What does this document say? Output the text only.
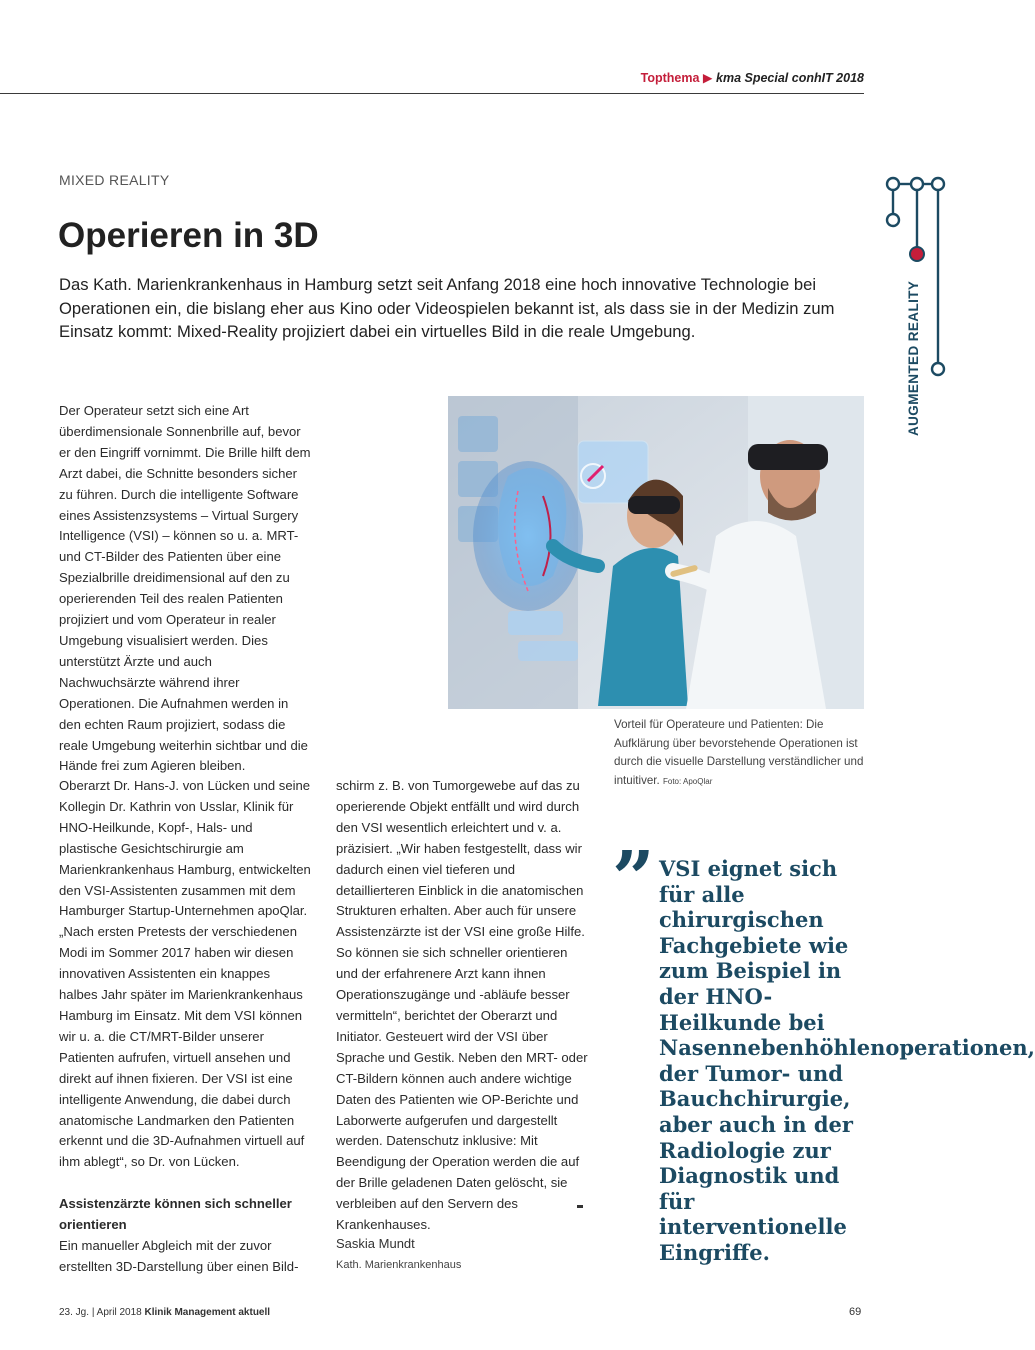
Topthema ▶ kma Special conhIT 2018
AUGMENTED REALITY
MIXED REALITY
Operieren in 3D
Das Kath. Marienkrankenhaus in Hamburg setzt seit Anfang 2018 eine hoch innovative Technologie bei Operationen ein, die bislang eher aus Kino oder Videospielen bekannt ist, als dass sie in der Medizin zum Einsatz kommt: Mixed-Reality projiziert dabei ein virtuelles Bild in die reale Umgebung.
Der Operateur setzt sich eine Art überdimensionale Sonnenbrille auf, bevor er den Eingriff vornimmt. Die Brille hilft dem Arzt dabei, die Schnitte besonders sicher zu führen. Durch die intelligente Software eines Assistenzsystems – Virtual Surgery Intelligence (VSI) – können so u. a. MRT- und CT-Bilder des Patienten über eine Spezialbrille dreidimensional auf den zu operierenden Teil des realen Patienten projiziert und vom Operateur in realer Umgebung visualisiert werden. Dies unterstützt Ärzte und auch Nachwuchsärzte während ihrer Operationen. Die Aufnahmen werden in den echten Raum projiziert, sodass die reale Umgebung weiterhin sichtbar und die Hände frei zum Agieren bleiben.
Oberarzt Dr. Hans-J. von Lücken und seine Kollegin Dr. Kathrin von Usslar, Klinik für HNO-Heilkunde, Kopf-, Hals- und plastische Gesichtschirurgie am Marienkrankenhaus Hamburg, entwickelten den VSI-Assistenten zusammen mit dem Hamburger Startup-Unternehmen apoQlar. „Nach ersten Pretests der verschiedenen Modi im Sommer 2017 haben wir diesen innovativen Assistenten ein knappes halbes Jahr später im Marienkrankenhaus Hamburg im Einsatz. Mit dem VSI können wir u. a. die CT/MRT-Bilder unserer Patienten aufrufen, virtuell ansehen und direkt auf ihnen fixieren. Der VSI ist eine intelligente Anwendung, die dabei durch anatomische Landmarken den Patienten erkennt und die 3D-Aufnahmen virtuell auf ihm ablegt“, so Dr. von Lücken.
Assistenzärzte können sich schneller orientieren
Ein manueller Abgleich mit der zuvor erstellten 3D-Darstellung über einen Bild-
schirm z. B. von Tumorgewebe auf das zu operierende Objekt entfällt und wird durch den VSI wesentlich erleichtert und v. a. präzisiert. „Wir haben festgestellt, dass wir dadurch einen viel tieferen und detaillierteren Einblick in die anatomischen Strukturen erhalten. Aber auch für unsere Assistenzärzte ist der VSI eine große Hilfe. So können sie sich schneller orientieren und der erfahrenere Arzt kann ihnen Operationszugänge und -abläufe besser vermitteln“, berichtet der Oberarzt und Initiator. Gesteuert wird der VSI über Sprache und Gestik. Neben den MRT- oder CT-Bildern können auch andere wichtige Daten des Patienten wie OP-Berichte und Laborwerte aufgerufen und dargestellt werden. Datenschutz inklusive: Mit Beendigung der Operation werden die auf der Brille geladenen Daten gelöscht, sie verbleiben auf den Servern des Krankenhauses.
Vorteil für Operateure und Patienten: Die Aufklärung über bevorstehende Operationen ist durch die visuelle Darstellung verständlicher und intuitiver. Foto: ApoQlar
” VSI eignet sich für alle chirurgischen Fachgebiete wie zum Beispiel in der HNO-Heilkunde bei Nasennebenhöhlenoperationen, der Tumor- und Bauchchirurgie, aber auch in der Radiologie zur Diagnostik und für interventionelle Eingriffe.
Saskia Mundt
Kath. Marienkrankenhaus
23. Jg. | April 2018 Klinik Management aktuell	69
